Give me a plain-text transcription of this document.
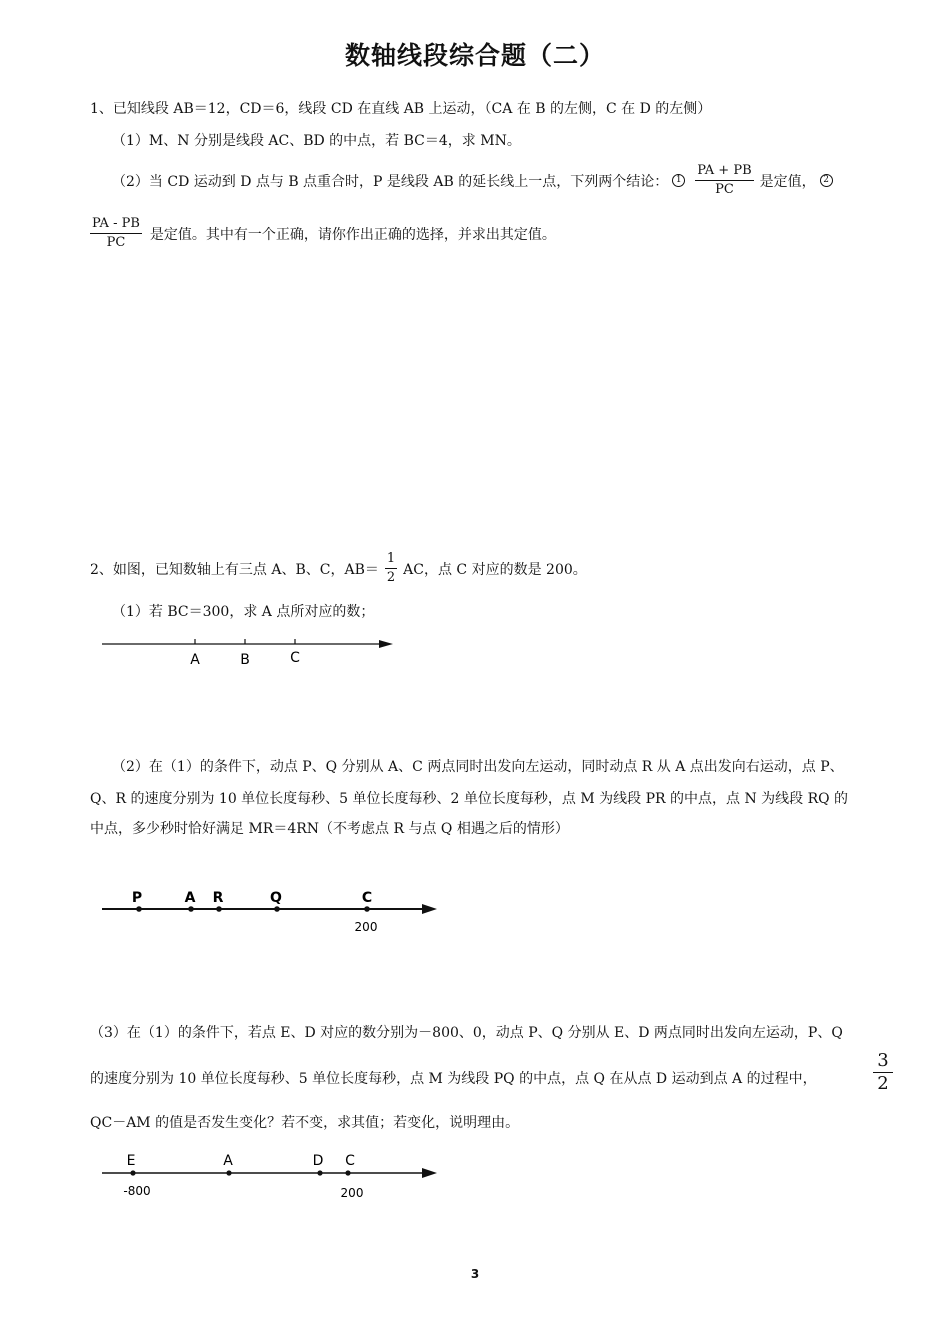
数轴线段综合题（二）
1、已知线段 AB＝12，CD＝6，线段 CD 在直线 AB 上运动，（CA 在 B 的左侧，C 在 D 的左侧）
（1）M、N 分别是线段 AC、BD 的中点，若 BC＝4，求 MN。
（2）当 CD 运动到 D 点与 B 点重合时，P 是线段 AB 的延长线上一点，下列两个结论： $1 \frac{PA + PB}{PC}$ 是定值， 2
$\frac{PA - PB}{PC}$ 是定值。其中有一个正确，请你作出正确的选择，并求出其定值。
2、如图，已知数轴上有三点 A、B、C，$AB= \frac{1}{2}$ AC，点 C 对应的数是 200。
（1）若 BC＝300，求 A 点所对应的数；
A	B	C
（2）在（1）的条件下，动点 P、Q 分别从 A、C 两点同时出发向左运动，同时动点 R 从 A 点出发向右运动，点 P、
Q、R 的速度分别为 10 单位长度每秒、5 单位长度每秒、2 单位长度每秒，点 M 为线段 PR 的中点，点 N 为线段 RQ 的
中点，多少秒时恰好满足 MR＝4RN（不考虑点 R 与点 Q 相遇之后的情形）
P	A R	Q	C
200
（3）在（1）的条件下，若点 E、D 对应的数分别为－800、0，动点 P、Q 分别从 E、D 两点同时出发向左运动，P、Q
的速度分别为 10 单位长度每秒、5 单位长度每秒，点 M 为线段 PQ 的中点，点 Q 在从点 D 运动到点 A 的过程中，	$\frac{3}{2}$
QC－AM 的值是否发生变化？若不变，求其值；若变化，说明理由。
E	A	D C
-800	200
3
